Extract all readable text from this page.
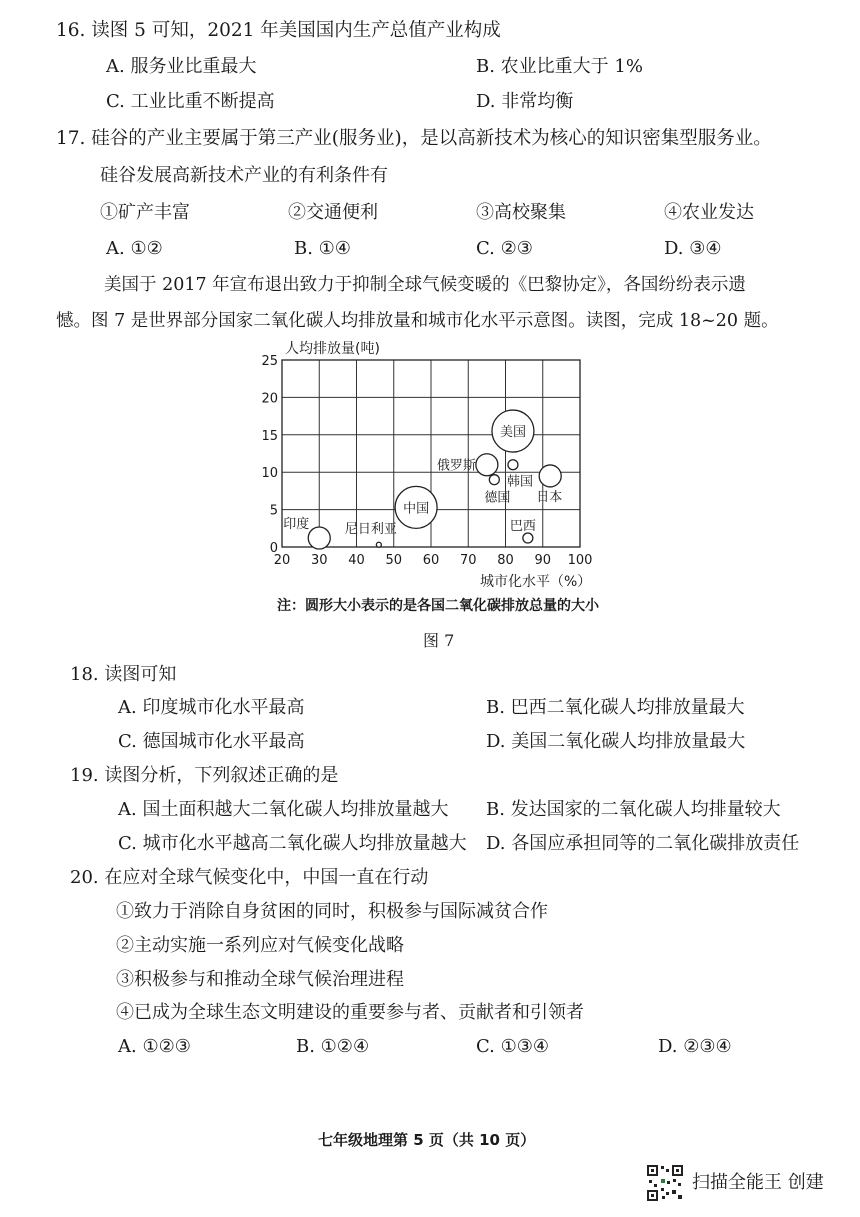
16. 读图 5 可知，2021 年美国国内生产总值产业构成
A. 服务业比重最大	B. 农业比重大于 1%
C. 工业比重不断提高	D. 非常均衡
17. 硅谷的产业主要属于第三产业(服务业)，是以高新技术为核心的知识密集型服务业。
硅谷发展高新技术产业的有利条件有
①矿产丰富	②交通便利	③高校聚集	④农业发达
A. ①②	B. ①④	C. ②③	D. ③④
美国于 2017 年宣布退出致力于抑制全球气候变暖的《巴黎协定》，各国纷纷表示遗
憾。图 7 是世界部分国家二氧化碳人均排放量和城市化水平示意图。读图，完成 18~20 题。
20 30 40 50 60 70 80 90 100
0
5
10
15
20
25
美国
中国
俄罗斯
德国
韩国
日本
巴西
印度	尼日利亚
人均排放量(吨)
城市化水平（%）
注：圆形大小表示的是各国二氧化碳排放总量的大小
图 7
18. 读图可知
A. 印度城市化水平最高	B. 巴西二氧化碳人均排放量最大
C. 德国城市化水平最高	D. 美国二氧化碳人均排放量最大
19. 读图分析，下列叙述正确的是
A. 国土面积越大二氧化碳人均排放量越大 B. 发达国家的二氧化碳人均排量较大
C. 城市化水平越高二氧化碳人均排放量越大 D. 各国应承担同等的二氧化碳排放责任
20. 在应对全球气候变化中，中国一直在行动
①致力于消除自身贫困的同时，积极参与国际减贫合作
②主动实施一系列应对气候变化战略
③积极参与和推动全球气候治理进程
④已成为全球生态文明建设的重要参与者、贡献者和引领者
A. ①②③	B. ①②④	C. ①③④	D. ②③④
七年级地理第 5 页（共 10 页）
扫描全能王 创建
